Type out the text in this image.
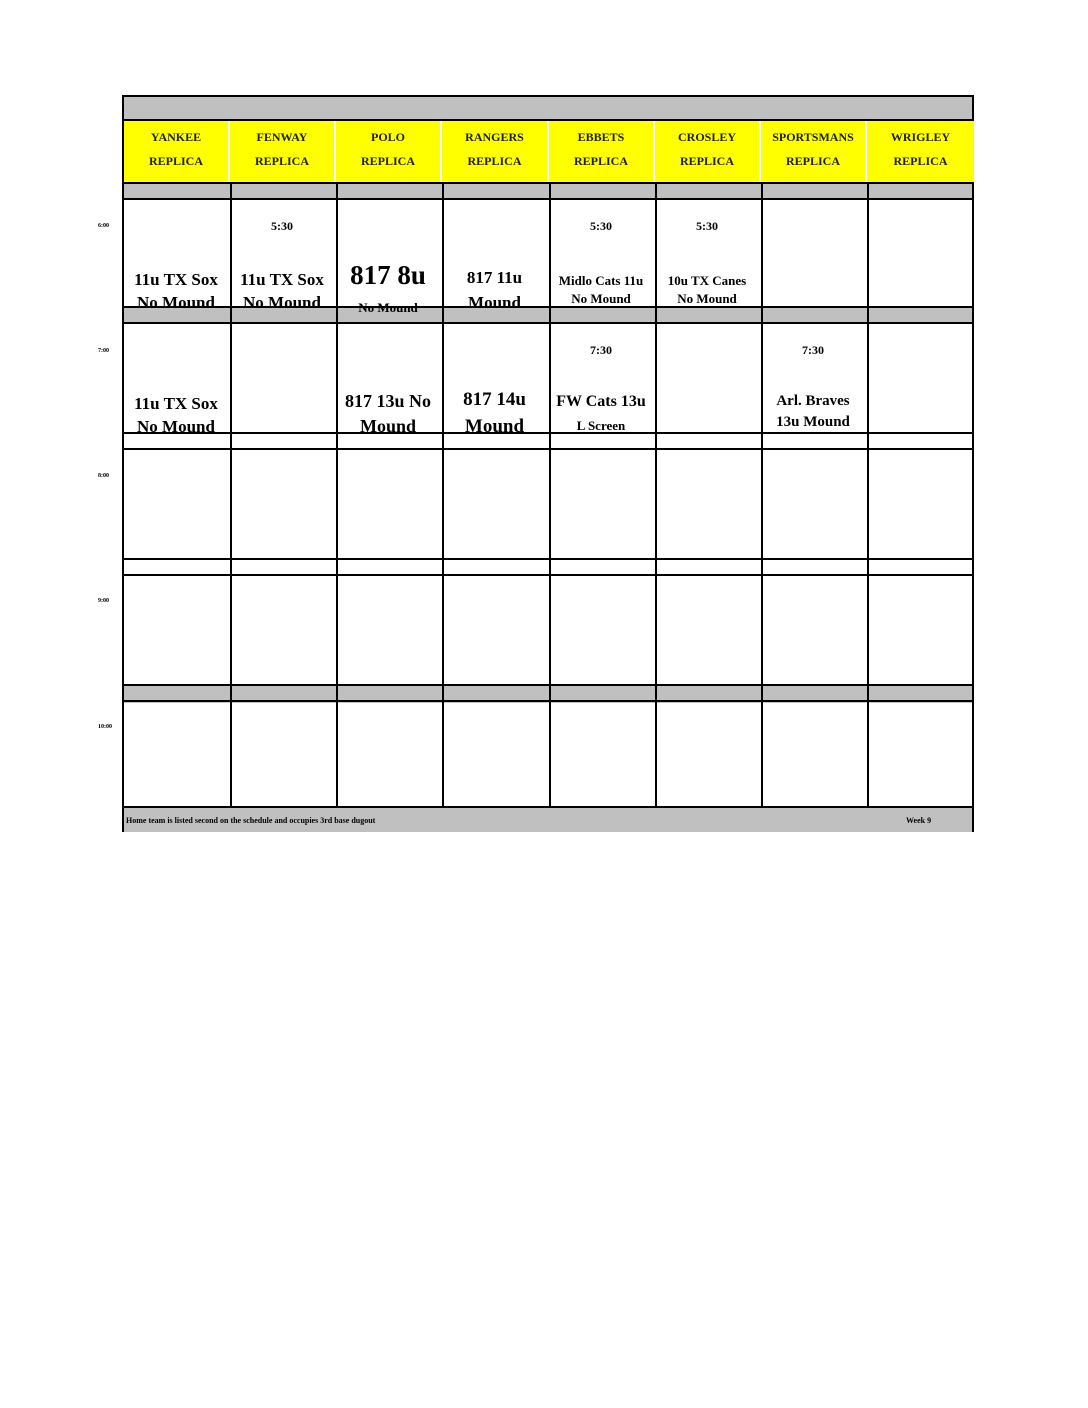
YANKEE
REPLICA
FENWAY
REPLICA
POLO
REPLICA
RANGERS
REPLICA
EBBETS
REPLICA
CROSLEY
REPLICA
SPORTSMANS
REPLICA
WRIGLEY
REPLICA
11u TX Sox
No Mound
5:30
11u TX Sox
No Mound
817 8u
No Mound
817 11u
Mound
5:30
Midlo Cats 11u
No Mound
5:30
10u TX Canes
No Mound
11u TX Sox
No Mound
817 13u No
Mound
817 14u
Mound
7:30
FW Cats 13u
L Screen
7:30
Arl. Braves
13u Mound
Home team is listed second on the schedule and occupies 3rd base dugout	Week 9
6:00
7:00
8:00
9:00
10:00
